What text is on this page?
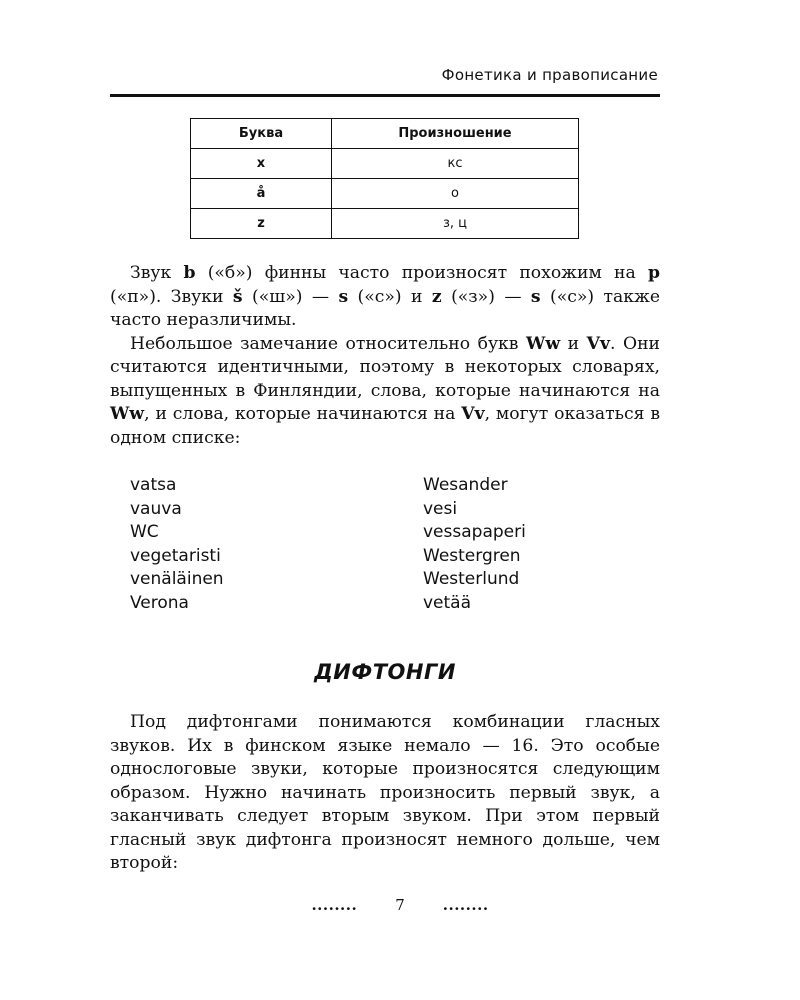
Фонетика и правописание
Буква	Произношение
x	кс
å	о
z	з, ц

Звук b («б») финны часто произносят похожим на p («п»). Звуки š («ш») — s («с») и z («з») — s («с») также часто неразличимы.

Небольшое замечание относительно букв Ww и Vv. Они считаются идентичными, поэтому в некоторых словарях, выпущенных в Финляндии, слова, которые начинаются на Ww, и слова, которые начинаются на Vv, могут оказаться в одном списке:

vatsa	Wesander
vauva	vesi
WC	vessapaperi
vegetaristi	Westergren
venäläinen	Westerlund
Verona	vetää
ДИФТОНГИ

Под дифтонгами понимаются комбинации гласных звуков. Их в финском языке немало — 16. Это особые однослоговые звуки, которые произносятся следующим образом. Нужно начинать произносить первый звук, а заканчивать следует вторым звуком. При этом первый гласный звук дифтонга произносят немного дольше, чем второй:

........	7	........
